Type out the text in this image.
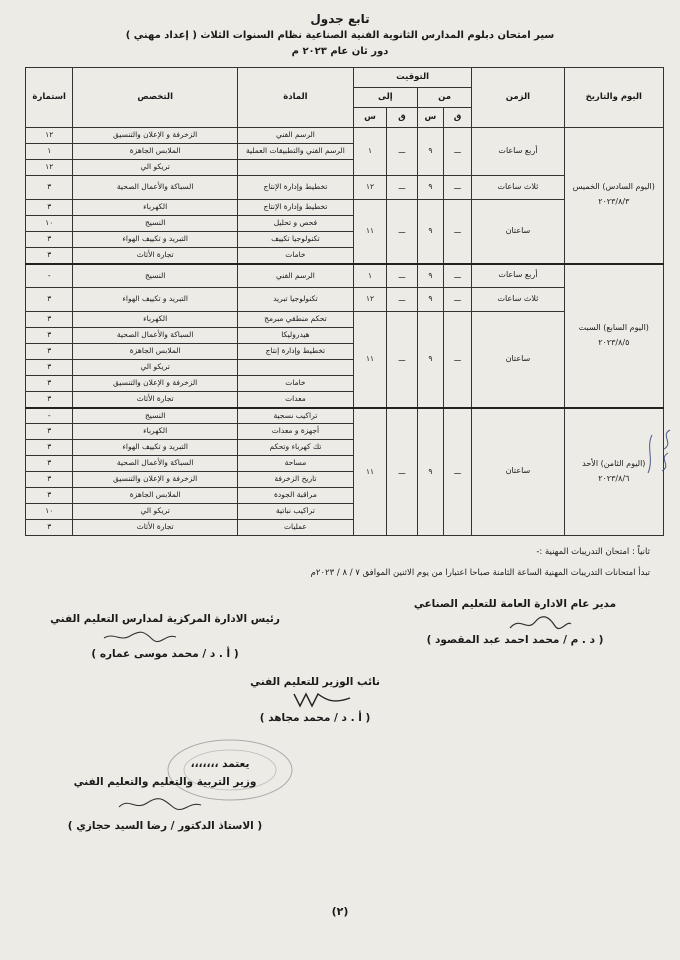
تابع جدول
سير امتحان دبلوم المدارس الثانوية الفنية الصناعية نظام السنوات الثلاث ( إعداد مهني )
دور ثان عام ٢٠٢٣ م
اليوم والتاريخ	الزمن	التوقيت				المادة	التخصص	استمارة
		من		إلى				
		ق	س	ق	س			

(اليوم السادس) الخميس
٢٠٢٣/٨/٣	أربع ساعات	ـــ	٩	ـــ	١	الرسم الفني	الزخرفة و الإعلان والتنسيق	١٢
						الرسم الفني والتطبيقات العملية	الملابس الجاهزة	١
							تريكو الي	١٢
	ثلاث ساعات	ـــ	٩	ـــ	١٢	تخطيط وإدارة الإنتاج	السباكة والأعمال الصحية	٣
	ساعتان	ـــ	٩	ـــ	١١	تخطيط وإدارة الإنتاج	الكهرباء	٣
						فحص و تحليل	النسيج	١٠
						تكنولوجيا تكييف	التبريد و تكييف الهواء	٣
						خامات	تجارة الأثاث	٣

(اليوم السابع) السبت
٢٠٢٣/٨/٥	أربع ساعات	ـــ	٩	ـــ	١	الرسم الفني	النسيج	-
	ثلاث ساعات	ـــ	٩	ـــ	١٢	تكنولوجيا تبريد	التبريد و تكييف الهواء	٣
	ساعتان	ـــ	٩	ـــ	١١	تحكم منطقي مبرمج	الكهرباء	٣
						هيدروليكا	السباكة والأعمال الصحية	٣
						تخطيط وإدارة إنتاج	الملابس الجاهزة	٣
							تريكو الي	٣
						خامات	الزخرفة و الإعلان والتنسيق	٣
						معدات	تجارة الأثاث	٣

(اليوم الثامن) الأحد
٢٠٢٣/٨/٦	ساعتان	ـــ	٩	ـــ	١١	تراكيب نسجية	النسيج	-
						أجهزة و معدات	الكهرباء	٣
						تك كهرباء وتحكم	التبريد و تكييف الهواء	٣
						مساحة	السباكة والأعمال الصحية	٣
						تاريخ الزخرفة	الزخرفة و الإعلان والتنسيق	٣
						مراقبة الجودة	الملابس الجاهزة	٣
						تراكيب نباتية	تريكو الي	١٠
						عمليات	تجارة الأثاث	٣
ثانياً : امتحان التدريبات المهنية :-
تبدأ امتحانات التدريبات المهنية الساعة الثامنة صباحا اعتبارا من يوم الاثنين الموافق ٧ / ٨ / ٢٠٢٣م
مدير عام الادارة العامة للتعليم الصناعي
( د . م / محمد احمد عبد المقصود )
رئيس الادارة المركزية لمدارس التعليم الفني
( أ . د / محمد موسى عماره )
نائب الوزير للتعليم الفني
( أ . د / محمد مجاهد )
يعتمد ،،،،،،،
وزير التربية والتعليم والتعليم الفني
( الاستاذ الدكتور / رضا السيد حجازي )
(٢)
